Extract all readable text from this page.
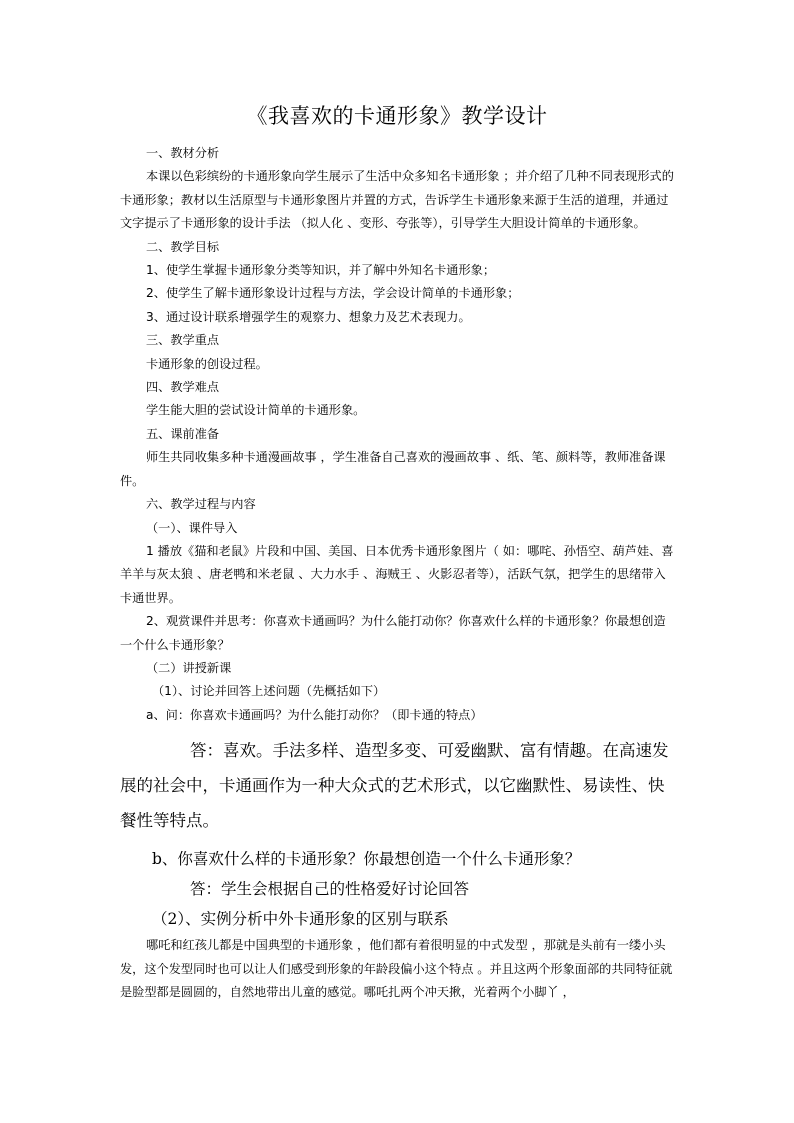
《我喜欢的卡通形象》教学设计

一、教材分析

本课以色彩缤纷的卡通形象向学生展示了生活中众多知名卡通形象 ；并介绍了几种不同表现形式的卡通形象；教材以生活原型与卡通形象图片并置的方式，告诉学生卡通形象来源于生活的道理，并通过文字提示了卡通形象的设计手法 （拟人化 、变形、夸张等），引导学生大胆设计简单的卡通形象。

二、教学目标

1、使学生掌握卡通形象分类等知识，并了解中外知名卡通形象；

2、使学生了解卡通形象设计过程与方法，学会设计简单的卡通形象；

3、通过设计联系增强学生的观察力、想象力及艺术表现力。

三、教学重点

卡通形象的创设过程。

四、教学难点

学生能大胆的尝试设计简单的卡通形象。

五、课前准备

师生共同收集多种卡通漫画故事 ，学生准备自己喜欢的漫画故事 、纸、笔、颜料等，教师准备课件。

六、教学过程与内容

（一）、课件导入

1 播放《猫和老鼠》片段和中国、美国、日本优秀卡通形象图片（ 如：哪咤、孙悟空、葫芦娃、喜羊羊与灰太狼 、唐老鸭和米老鼠 、大力水手 、海贼王 、火影忍者等），活跃气氛，把学生的思绪带入卡通世界。

2、观赏课件并思考：你喜欢卡通画吗？为什么能打动你？你喜欢什么样的卡通形象？你最想创造一个什么卡通形象？

（二）讲授新课

（1）、讨论并回答上述问题（先概括如下）

a、问：你喜欢卡通画吗？为什么能打动你？（即卡通的特点）

答：喜欢。手法多样、造型多变、可爱幽默、富有情趣。在高速发展的社会中，卡通画作为一种大众式的艺术形式，以它幽默性、易读性、快餐性等特点。

b、你喜欢什么样的卡通形象？你最想创造一个什么卡通形象？

答：学生会根据自己的性格爱好讨论回答

（2）、实例分析中外卡通形象的区别与联系

哪吒和红孩儿都是中国典型的卡通形象 ，他们都有着很明显的中式发型 ，那就是头前有一缕小头发，这个发型同时也可以让人们感受到形象的年龄段偏小这个特点 。并且这两个形象面部的共同特征就是脸型都是圆圆的，自然地带出儿童的感觉。哪吒扎两个冲天揪，光着两个小脚丫 ，
